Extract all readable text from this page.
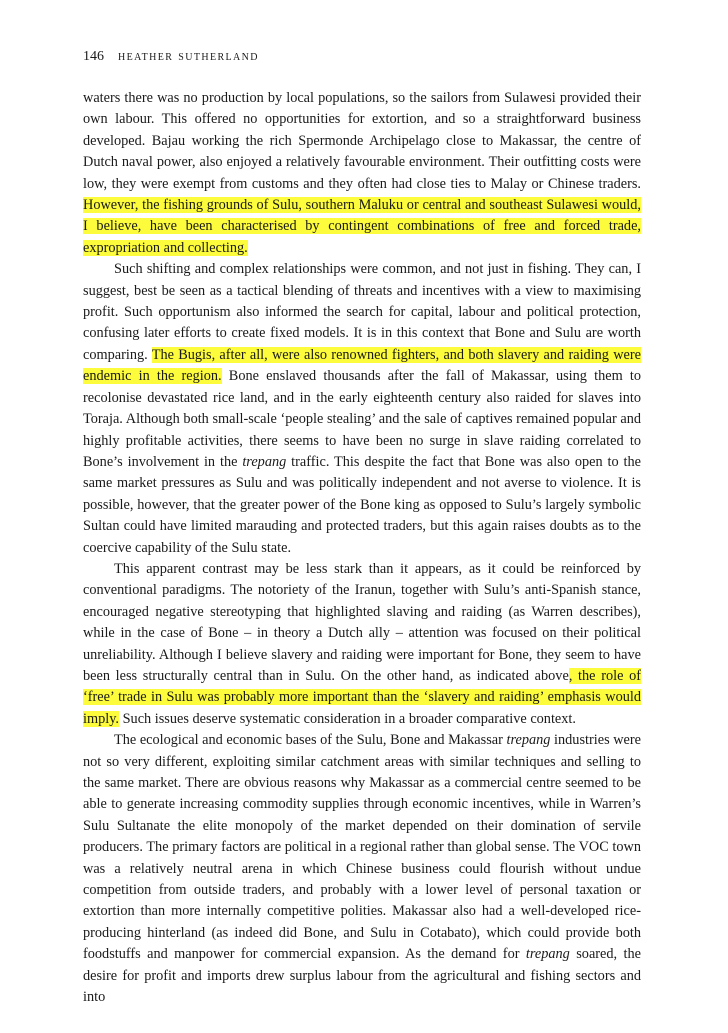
146 heather sutherland

waters there was no production by local populations, so the sailors from Sulawesi provided their own labour. This offered no opportunities for extortion, and so a straightforward business developed. Bajau working the rich Spermonde Archipelago close to Makassar, the centre of Dutch naval power, also enjoyed a relatively favourable environment. Their outfitting costs were low, they were exempt from customs and they often had close ties to Malay or Chinese traders. However, the fishing grounds of Sulu, southern Maluku or central and southeast Sulawesi would, I believe, have been characterised by contingent combinations of free and forced trade, expropriation and collecting.

Such shifting and complex relationships were common, and not just in fishing. They can, I suggest, best be seen as a tactical blending of threats and incentives with a view to maximising profit. Such opportunism also informed the search for capital, labour and political protection, confusing later efforts to create fixed models. It is in this context that Bone and Sulu are worth comparing. The Bugis, after all, were also renowned fighters, and both slavery and raiding were endemic in the region. Bone enslaved thousands after the fall of Makassar, using them to recolonise devastated rice land, and in the early eighteenth century also raided for slaves into Toraja. Although both small-scale ‘people stealing’ and the sale of captives remained popular and highly profitable activities, there seems to have been no surge in slave raiding correlated to Bone’s involvement in the trepang traffic. This despite the fact that Bone was also open to the same market pressures as Sulu and was politically independent and not averse to violence. It is possible, however, that the greater power of the Bone king as opposed to Sulu’s largely symbolic Sultan could have limited marauding and protected traders, but this again raises doubts as to the coercive capability of the Sulu state.

This apparent contrast may be less stark than it appears, as it could be reinforced by conventional paradigms. The notoriety of the Iranun, together with Sulu’s anti-Spanish stance, encouraged negative stereotyping that highlighted slaving and raiding (as Warren describes), while in the case of Bone – in theory a Dutch ally – attention was focused on their political unreliability. Although I believe slavery and raiding were important for Bone, they seem to have been less structurally central than in Sulu. On the other hand, as indicated above, the role of ‘free’ trade in Sulu was probably more important than the ‘slavery and raiding’ emphasis would imply. Such issues deserve systematic consideration in a broader comparative context.

The ecological and economic bases of the Sulu, Bone and Makassar trepang industries were not so very different, exploiting similar catchment areas with similar techniques and selling to the same market. There are obvious reasons why Makassar as a commercial centre seemed to be able to generate increasing commodity supplies through economic incentives, while in Warren’s Sulu Sultanate the elite monopoly of the market depended on their domination of servile producers. The primary factors are political in a regional rather than global sense. The VOC town was a relatively neutral arena in which Chinese business could flourish without undue competition from outside traders, and probably with a lower level of personal taxation or extortion than more internally competitive polities. Makassar also had a well-developed rice-producing hinterland (as indeed did Bone, and Sulu in Cotabato), which could provide both foodstuffs and manpower for commercial expansion. As the demand for trepang soared, the desire for profit and imports drew surplus labour from the agricultural and fishing sectors and into
